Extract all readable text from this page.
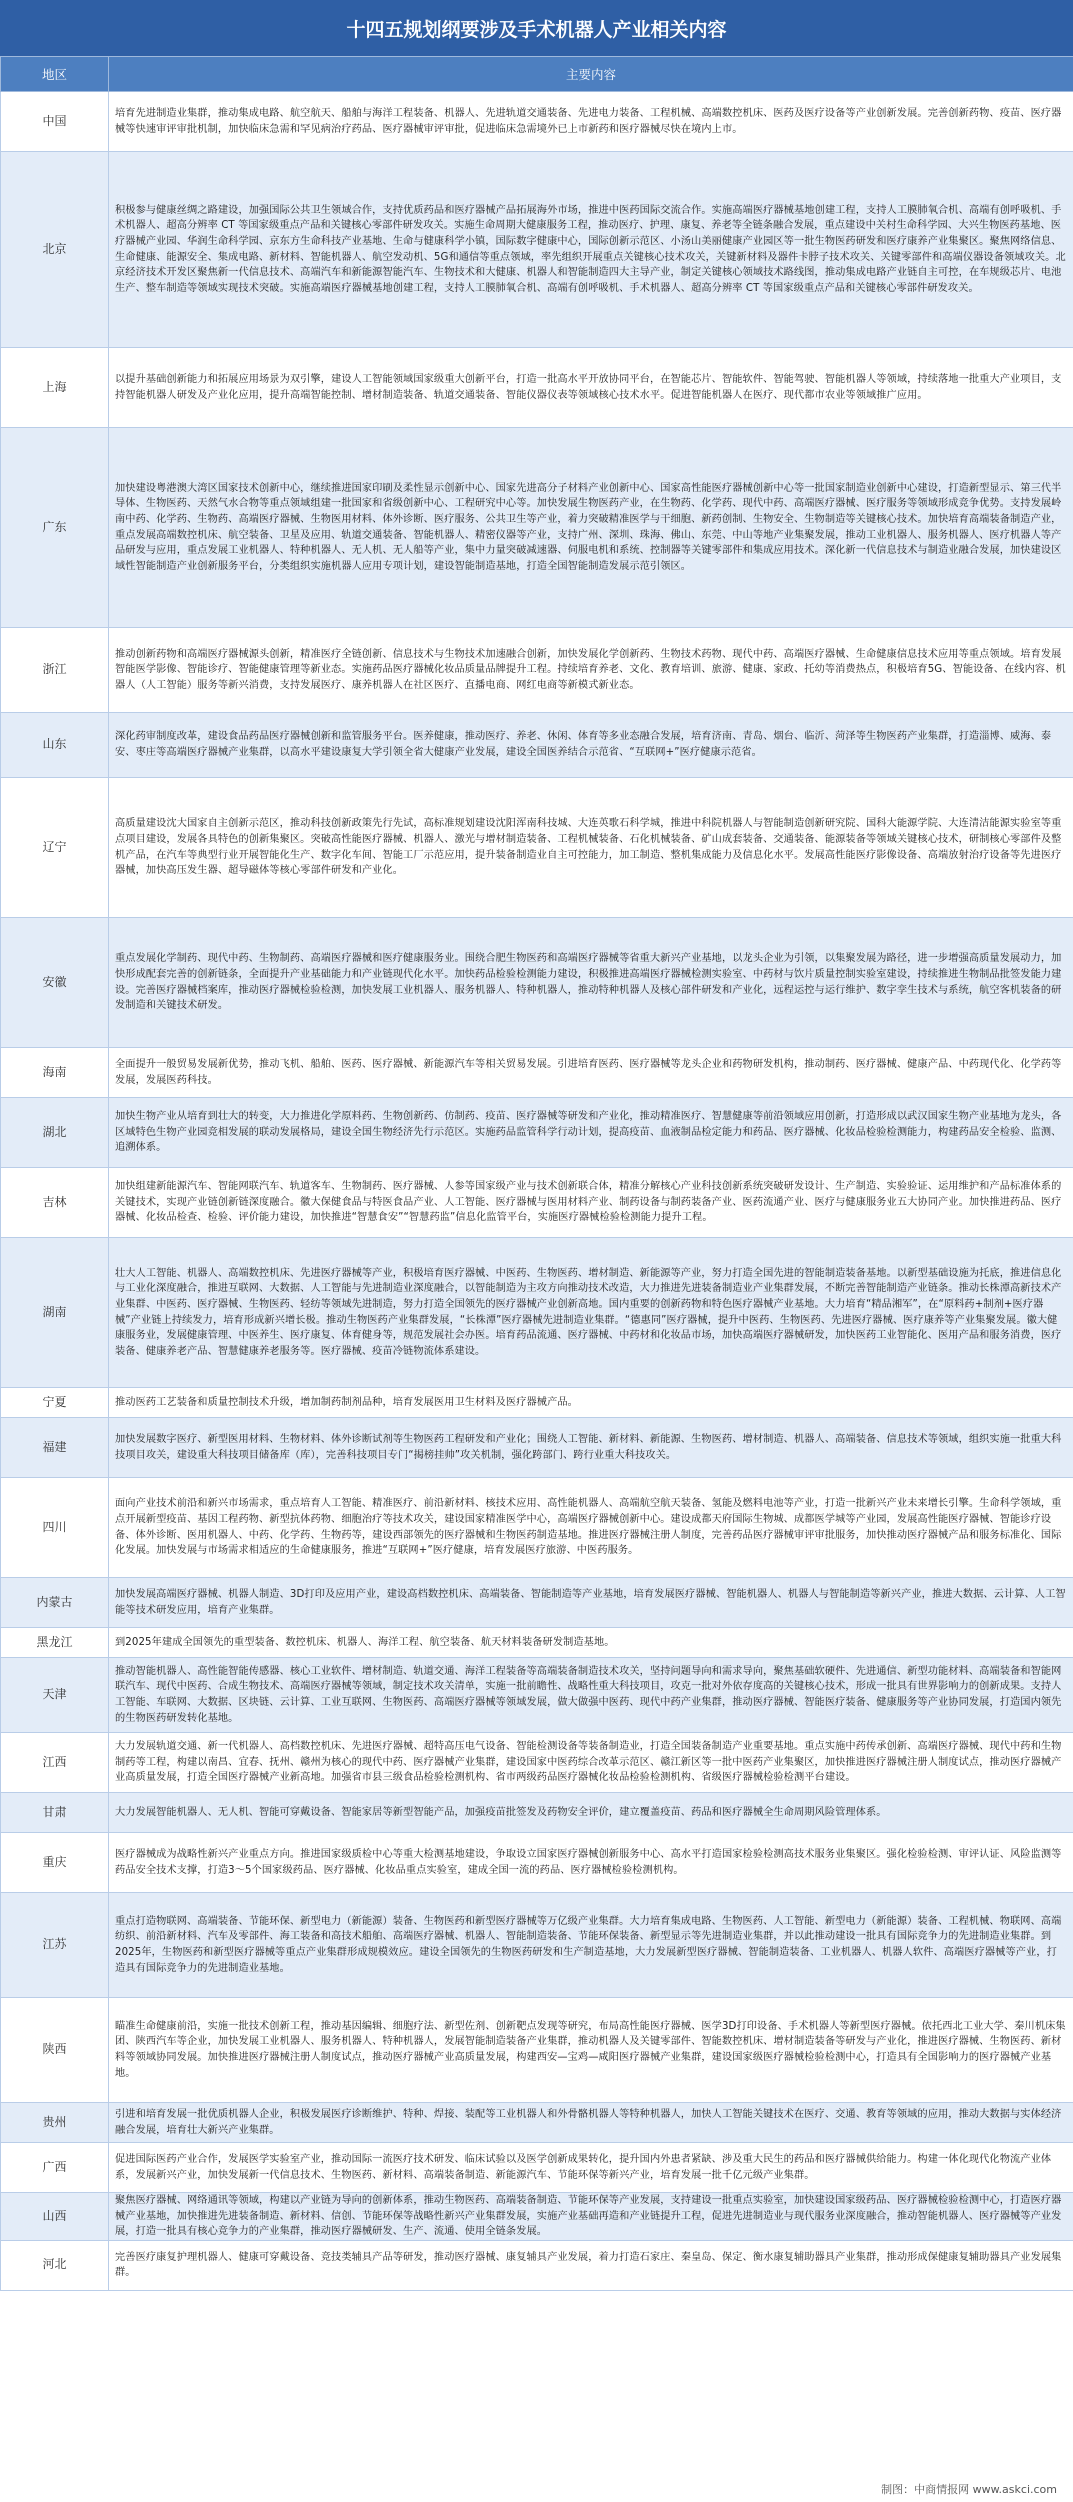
十四五规划纲要涉及手术机器人产业相关内容
地区	主要内容
中国	培育先进制造业集群，推动集成电路、航空航天、船舶与海洋工程装备、机器人、先进轨道交通装备、先进电力装备、工程机械、高端数控机床、医药及医疗设备等产业创新发展。完善创新药物、疫苗、医疗器械等快速审评审批机制，加快临床急需和罕见病治疗药品、医疗器械审评审批，促进临床急需境外已上市新药和医疗器械尽快在境内上市。
北京	积极参与健康丝绸之路建设，加强国际公共卫生领域合作，支持优质药品和医疗器械产品拓展海外市场，推进中医药国际交流合作。实施高端医疗器械基地创建工程，支持人工膜肺氧合机、高端有创呼吸机、手术机器人、超高分辨率 CT 等国家级重点产品和关键核心零部件研发攻关。实施生命周期大健康服务工程，推动医疗、护理、康复、养老等全链条融合发展，重点建设中关村生命科学园、大兴生物医药基地、医疗器械产业园、华润生命科学园、京东方生命科技产业基地、生命与健康科学小镇，国际数字健康中心，国际创新示范区、小汤山美丽健康产业园区等一批生物医药研发和医疗康养产业集聚区。聚焦网络信息、生命健康、能源安全、集成电路、新材料、智能机器人、航空发动机、5G和通信等重点领域，率先组织开展重点关键核心技术攻关，关键新材料及器件卡脖子技术攻关、关键零部件和高端仪器设备领域攻关。北京经济技术开发区聚焦新一代信息技术、高端汽车和新能源智能汽车、生物技术和大健康、机器人和智能制造四大主导产业，制定关键核心领域技术路线图，推动集成电路产业链自主可控，在车规级芯片、电池生产、整车制造等领域实现技术突破。实施高端医疗器械基地创建工程，支持人工膜肺氧合机、高端有创呼吸机、手术机器人、超高分辨率 CT 等国家级重点产品和关键核心零部件研发攻关。
上海	以提升基础创新能力和拓展应用场景为双引擎，建设人工智能领域国家级重大创新平台，打造一批高水平开放协同平台，在智能芯片、智能软件、智能驾驶、智能机器人等领域，持续落地一批重大产业项目，支持智能机器人研发及产业化应用，提升高端智能控制、增材制造装备、轨道交通装备、智能仪器仪表等领域核心技术水平。促进智能机器人在医疗、现代都市农业等领域推广应用。
广东	加快建设粤港澳大湾区国家技术创新中心，继续推进国家印刷及柔性显示创新中心、国家先进高分子材料产业创新中心、国家高性能医疗器械创新中心等一批国家制造业创新中心建设，打造新型显示、第三代半导体、生物医药、天然气水合物等重点领域组建一批国家和省级创新中心、工程研究中心等。加快发展生物医药产业，在生物药、化学药、现代中药、高端医疗器械、医疗服务等领域形成竞争优势。支持发展岭南中药、化学药、生物药、高端医疗器械、生物医用材料、体外诊断、医疗服务、公共卫生等产业，着力突破精准医学与干细胞、新药创制、生物安全、生物制造等关键核心技术。加快培育高端装备制造产业，重点发展高端数控机床、航空装备、卫星及应用、轨道交通装备、智能机器人、精密仪器等产业，支持广州、深圳、珠海、佛山、东莞、中山等地产业集聚发展，推动工业机器人、服务机器人、医疗机器人等产品研发与应用，重点发展工业机器人、特种机器人、无人机、无人船等产业，集中力量突破减速器、伺服电机和系统、控制器等关键零部件和集成应用技术。深化新一代信息技术与制造业融合发展，加快建设区域性智能制造产业创新服务平台，分类组织实施机器人应用专项计划，建设智能制造基地，打造全国智能制造发展示范引领区。
浙江	推动创新药物和高端医疗器械源头创新，精准医疗全链创新、信息技术与生物技术加速融合创新，加快发展化学创新药、生物技术药物、现代中药、高端医疗器械、生命健康信息技术应用等重点领域。培育发展智能医学影像、智能诊疗、智能健康管理等新业态。实施药品医疗器械化妆品质量品牌提升工程。持续培育养老、文化、教育培训、旅游、健康、家政、托幼等消费热点，积极培育5G、智能设备、在线内容、机器人（人工智能）服务等新兴消费，支持发展医疗、康养机器人在社区医疗、直播电商、网红电商等新模式新业态。
山东	深化药审制度改革，建设食品药品医疗器械创新和监管服务平台。医养健康，推动医疗、养老、休闲、体育等多业态融合发展，培育济南、青岛、烟台、临沂、菏泽等生物医药产业集群，打造淄博、威海、泰安、枣庄等高端医疗器械产业集群，以高水平建设康复大学引领全省大健康产业发展，建设全国医养结合示范省、“互联网+”医疗健康示范省。
辽宁	高质量建设沈大国家自主创新示范区，推动科技创新政策先行先试，高标准规划建设沈阳浑南科技城、大连英歌石科学城，推进中科院机器人与智能制造创新研究院、国科大能源学院、大连清洁能源实验室等重点项目建设，发展各具特色的创新集聚区。突破高性能医疗器械、机器人、激光与增材制造装备、工程机械装备、石化机械装备、矿山成套装备、交通装备、能源装备等领域关键核心技术，研制核心零部件及整机产品，在汽车等典型行业开展智能化生产、数字化车间、智能工厂示范应用，提升装备制造业自主可控能力，加工制造、整机集成能力及信息化水平。发展高性能医疗影像设备、高端放射治疗设备等先进医疗器械，加快高压发生器、超导磁体等核心零部件研发和产业化。
安徽	重点发展化学制药、现代中药、生物制药、高端医疗器械和医疗健康服务业。围绕合肥生物医药和高端医疗器械等省重大新兴产业基地，以龙头企业为引领，以集聚发展为路径，进一步增强高质量发展动力，加快形成配套完善的创新链条，全面提升产业基础能力和产业链现代化水平。加快药品检验检测能力建设，积极推进高端医疗器械检测实验室、中药材与饮片质量控制实验室建设，持续推进生物制品批签发能力建设。完善医疗器械档案库，推动医疗器械检验检测，加快发展工业机器人、服务机器人、特种机器人，推动特种机器人及核心部件研发和产业化，远程运控与运行维护、数字孪生技术与系统，航空客机装备的研发制造和关键技术研发。
海南	全面提升一般贸易发展新优势，推动飞机、船舶、医药、医疗器械、新能源汽车等相关贸易发展。引进培育医药、医疗器械等龙头企业和药物研发机构，推动制药、医疗器械、健康产品、中药现代化、化学药等发展，发展医药科技。
湖北	加快生物产业从培育到壮大的转变，大力推进化学原料药、生物创新药、仿制药、疫苗、医疗器械等研发和产业化，推动精准医疗、智慧健康等前沿领域应用创新，打造形成以武汉国家生物产业基地为龙头，各区域特色生物产业园竞相发展的联动发展格局，建设全国生物经济先行示范区。实施药品监管科学行动计划，提高疫苗、血液制品检定能力和药品、医疗器械、化妆品检验检测能力，构建药品安全检验、监测、追溯体系。
吉林	加快组建新能源汽车、智能网联汽车、轨道客车、生物制药、医疗器械、人参等国家级产业与技术创新联合体，精准分解核心产业科技创新系统突破研发设计、生产制造、实验验证、运用维护和产品标准体系的关键技术，实现产业链创新链深度融合。徽大保健食品与特医食品产业、人工智能、医疗器械与医用材料产业、制药设备与制药装备产业、医药流通产业、医疗与健康服务业五大协同产业。加快推进药品、医疗器械、化妆品检查、检验、评价能力建设，加快推进“智慧食安”“智慧药监”信息化监管平台，实施医疗器械检验检测能力提升工程。
湖南	壮大人工智能、机器人、高端数控机床、先进医疗器械等产业，积极培育医疗器械、中医药、生物医药、增材制造、新能源等产业，努力打造全国先进的智能制造装备基地。以新型基础设施为托底，推进信息化与工业化深度融合，推进互联网、大数据、人工智能与先进制造业深度融合，以智能制造为主攻方向推动技术改造，大力推进先进装备制造业产业集群发展，不断完善智能制造产业链条。推动长株潭高新技术产业集群、中医药、医疗器械、生物医药、轻纺等领域先进制造，努力打造全国领先的医疗器械产业创新高地。国内重要的创新药物和特色医疗器械产业基地。大力培育“精品湘军”，在“原料药+制剂+医疗器械”产业链上持续发力，培育形成新兴增长极。推动生物医药产业集群发展，“长株潭”医疗器械先进制造业集群。“德惠同”医疗器械，提升中医药、生物医药、先进医疗器械、医疗康养等产业集聚发展。徽大健康服务业，发展健康管理、中医养生、医疗康复、体育健身等，规范发展社会办医。培育药品流通、医疗器械、中药材和化妆品市场，加快高端医疗器械研发，加快医药工业智能化、医用产品和服务消费，医疗装备、健康养老产品、智慧健康养老服务等。医疗器械、疫苗冷链物流体系建设。
宁夏	推动医药工艺装备和质量控制技术升级，增加制药制剂品种，培育发展医用卫生材料及医疗器械产品。
福建	加快发展数字医疗、新型医用材料、生物材料、体外诊断试剂等生物医药工程研发和产业化；围绕人工智能、新材料、新能源、生物医药、增材制造、机器人、高端装备、信息技术等领域，组织实施一批重大科技项目攻关，建设重大科技项目储备库（库），完善科技项目专门“揭榜挂帅”攻关机制，强化跨部门、跨行业重大科技攻关。
四川	面向产业技术前沿和新兴市场需求，重点培育人工智能、精准医疗、前沿新材料、核技术应用、高性能机器人、高端航空航天装备、氢能及燃料电池等产业，打造一批新兴产业未来增长引擎。生命科学领域，重点开展新型疫苗、基因工程药物、新型抗体药物、细胞治疗等技术攻关，建设国家精准医学中心，高端医疗器械创新中心。建设成都天府国际生物城、成都医学城等产业园，发展高性能医疗器械、智能诊疗设备、体外诊断、医用机器人、中药、化学药、生物药等，建设西部领先的医疗器械和生物医药制造基地。推进医疗器械注册人制度，完善药品医疗器械审评审批服务，加快推动医疗器械产品和服务标准化、国际化发展。加快发展与市场需求相适应的生命健康服务，推进“互联网+”医疗健康，培育发展医疗旅游、中医药服务。
内蒙古	加快发展高端医疗器械、机器人制造、3D打印及应用产业，建设高档数控机床、高端装备、智能制造等产业基地，培育发展医疗器械、智能机器人、机器人与智能制造等新兴产业，推进大数据、云计算、人工智能等技术研发应用，培育产业集群。
黑龙江	到2025年建成全国领先的重型装备、数控机床、机器人、海洋工程、航空装备、航天材料装备研发制造基地。
天津	推动智能机器人、高性能智能传感器、核心工业软件、增材制造、轨道交通、海洋工程装备等高端装备制造技术攻关，坚持问题导向和需求导向，聚焦基础软硬件、先进通信、新型功能材料、高端装备和智能网联汽车、现代中医药、合成生物技术、高端医疗器械等领域，制定技术攻关清单，实施一批前瞻性、战略性重大科技项目，攻克一批对外依存度高的关键核心技术，形成一批具有世界影响力的创新成果。支持人工智能、车联网、大数据、区块链、云计算、工业互联网、生物医药、高端医疗器械等领域发展，做大做强中医药、现代中药产业集群，推动医疗器械、智能医疗装备、健康服务等产业协同发展，打造国内领先的生物医药研发转化基地。
江西	大力发展轨道交通、新一代机器人、高档数控机床、先进医疗器械、超特高压电气设备、智能检测设备等装备制造业，打造全国装备制造产业重要基地。重点实施中药传承创新、高端医疗器械、现代中药和生物制药等工程，构建以南昌、宜春、抚州、赣州为核心的现代中药、医疗器械产业集群，建设国家中医药综合改革示范区、赣江新区等一批中医药产业集聚区，加快推进医疗器械注册人制度试点，推动医疗器械产业高质量发展，打造全国医疗器械产业新高地。加强省市县三级食品检验检测机构、省市两级药品医疗器械化妆品检验检测机构、省级医疗器械检验检测平台建设。
甘肃	大力发展智能机器人、无人机、智能可穿戴设备、智能家居等新型智能产品，加强疫苗批签发及药物安全评价，建立覆盖疫苗、药品和医疗器械全生命周期风险管理体系。
重庆	医疗器械成为战略性新兴产业重点方向。推进国家级质检中心等重大检测基地建设，争取设立国家医疗器械创新服务中心、高水平打造国家检验检测高技术服务业集聚区。强化检验检测、审评认证、风险监测等药品安全技术支撑，打造3～5个国家级药品、医疗器械、化妆品重点实验室，建成全国一流的药品、医疗器械检验检测机构。
江苏	重点打造物联网、高端装备、节能环保、新型电力（新能源）装备、生物医药和新型医疗器械等万亿级产业集群。大力培育集成电路、生物医药、人工智能、新型电力（新能源）装备、工程机械、物联网、高端纺织、前沿新材料、汽车及零部件、海工装备和高技术船舶、高端医疗器械、机器人、智能制造装备、节能环保装备、新型显示等先进制造业集群，并以此推动建设一批具有国际竞争力的先进制造业集群。到2025年，生物医药和新型医疗器械等重点产业集群形成规模效应。建设全国领先的生物医药研发和生产制造基地，大力发展新型医疗器械、智能制造装备、工业机器人、机器人软件、高端医疗器械等产业，打造具有国际竞争力的先进制造业基地。
陕西	瞄准生命健康前沿，实施一批技术创新工程，推动基因编辑、细胞疗法、新型佐剂、创新靶点发现等研究，布局高性能医疗器械、医学3D打印设备、手术机器人等新型医疗器械。依托西北工业大学、秦川机床集团、陕西汽车等企业，加快发展工业机器人、服务机器人、特种机器人，发展智能制造装备产业集群，推动机器人及关键零部件、智能数控机床、增材制造装备等研发与产业化，推进医疗器械、生物医药、新材料等领域协同发展。加快推进医疗器械注册人制度试点，推动医疗器械产业高质量发展，构建西安—宝鸡—咸阳医疗器械产业集群，建设国家级医疗器械检验检测中心，打造具有全国影响力的医疗器械产业基地。
贵州	引进和培育发展一批优质机器人企业，积极发展医疗诊断维护、特种、焊接、装配等工业机器人和外骨骼机器人等特种机器人，加快人工智能关键技术在医疗、交通、教育等领域的应用，推动大数据与实体经济融合发展，培育壮大新兴产业集群。
广西	促进国际医药产业合作，发展医学实验室产业，推动国际一流医疗技术研发、临床试验以及医学创新成果转化，提升国内外患者紧缺、涉及重大民生的药品和医疗器械供给能力。构建一体化现代化物流产业体系，发展新兴产业，加快发展新一代信息技术、生物医药、新材料、高端装备制造、新能源汽车、节能环保等新兴产业，培育发展一批千亿元级产业集群。
山西	聚焦医疗器械、网络通讯等领域，构建以产业链为导向的创新体系，推动生物医药、高端装备制造、节能环保等产业发展，支持建设一批重点实验室，加快建设国家级药品、医疗器械检验检测中心，打造医疗器械产业基地，加快推进先进装备制造、新材料、信创、节能环保等战略性新兴产业集群发展，实施产业基础再造和产业链提升工程，促进先进制造业与现代服务业深度融合，推动智能机器人、医疗器械等产业发展，打造一批具有核心竞争力的产业集群，推动医疗器械研发、生产、流通、使用全链条发展。
河北	完善医疗康复护理机器人、健康可穿戴设备、竞技类辅具产品等研发，推动医疗器械、康复辅具产业发展，着力打造石家庄、秦皇岛、保定、衡水康复辅助器具产业集群，推动形成保健康复辅助器具产业发展集群。
制图：中商情报网 www.askci.com
